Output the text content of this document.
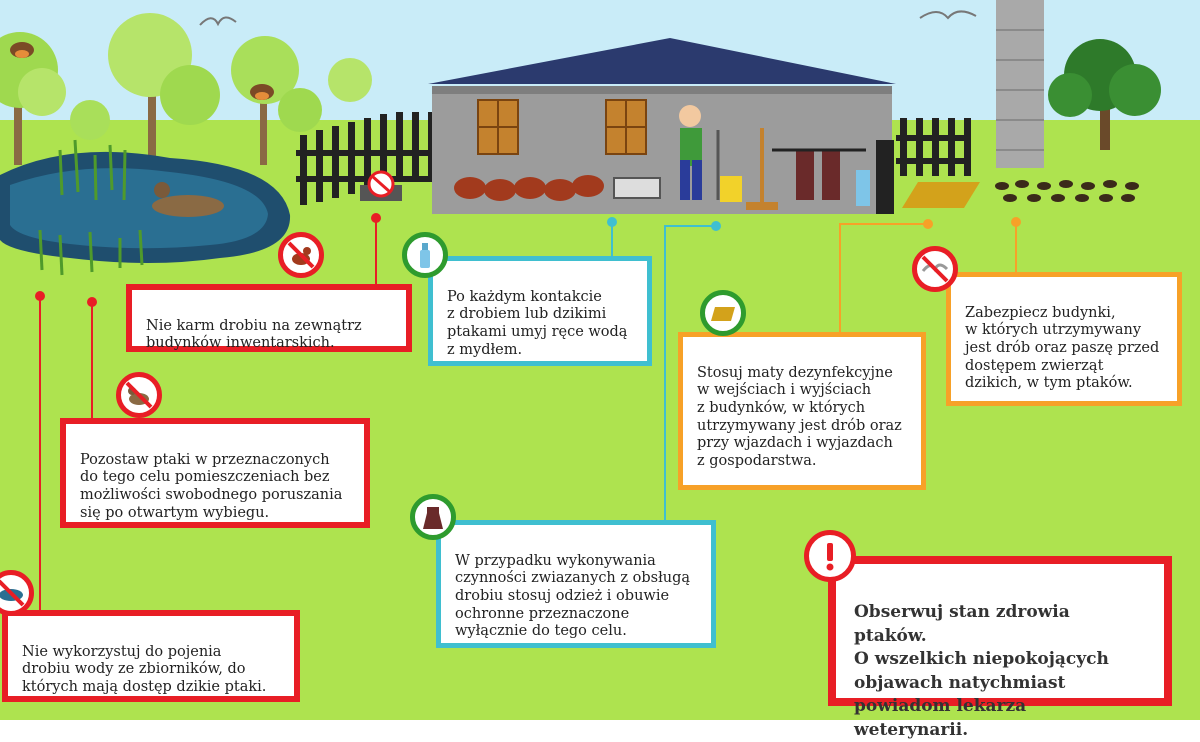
Nie karm drobiu na zewnątrz
budynków inwentarskich.

Pozostaw ptaki w przeznaczonych
do tego celu pomieszczeniach bez
możliwości swobodnego poruszania
się po otwartym wybiegu.

Nie wykorzystuj do pojenia
drobiu wody ze zbiorników, do
których mają dostęp dzikie ptaki.

Po każdym kontakcie
z drobiem lub dzikimi
ptakami umyj ręce wodą
z mydłem.

W przypadku wykonywania
czynności zwiazanych z obsługą
drobiu stosuj odzież i obuwie
ochronne przeznaczone
wyłącznie do tego celu.

Stosuj maty dezynfekcyjne
w wejściach i wyjściach
z budynków, w których
utrzymywany jest drób oraz
przy wjazdach i wyjazdach
z gospodarstwa.

Zabezpiecz budynki,
w których utrzymywany
jest drób oraz paszę przed
dostępem zwierząt
dzikich, w tym ptaków.

Obserwuj stan zdrowia ptaków.
O wszelkich niepokojących
objawach natychmiast
powiadom lekarza weterynarii.
